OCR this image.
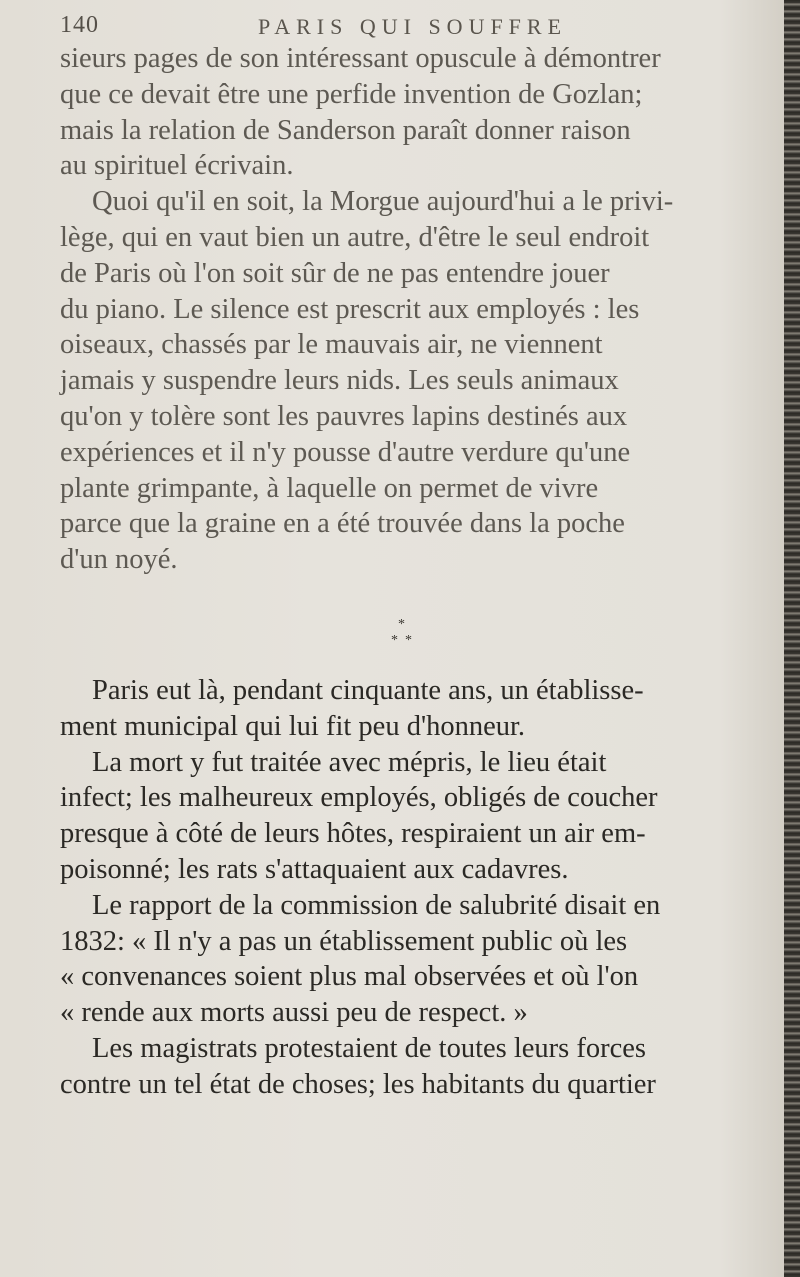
140	PARIS QUI SOUFFRE

sieurs pages de son intéressant opuscule à démontrer
que ce devait être une perfide invention de Gozlan;
mais la relation de Sanderson paraît donner raison
au spirituel écrivain.

Quoi qu'il en soit, la Morgue aujourd'hui a le privi-
lège, qui en vaut bien un autre, d'être le seul endroit
de Paris où l'on soit sûr de ne pas entendre jouer
du piano. Le silence est prescrit aux employés : les
oiseaux, chassés par le mauvais air, ne viennent
jamais y suspendre leurs nids. Les seuls animaux
qu'on y tolère sont les pauvres lapins destinés aux
expériences et il n'y pousse d'autre verdure qu'une
plante grimpante, à laquelle on permet de vivre
parce que la graine en a été trouvée dans la poche
d'un noyé.

*
* *

Paris eut là, pendant cinquante ans, un établisse-
ment municipal qui lui fit peu d'honneur.

La mort y fut traitée avec mépris, le lieu était
infect; les malheureux employés, obligés de coucher
presque à côté de leurs hôtes, respiraient un air em-
poisonné; les rats s'attaquaient aux cadavres.

Le rapport de la commission de salubrité disait en
1832: « Il n'y a pas un établissement public où les
« convenances soient plus mal observées et où l'on
« rende aux morts aussi peu de respect. »

Les magistrats protestaient de toutes leurs forces
contre un tel état de choses; les habitants du quartier
